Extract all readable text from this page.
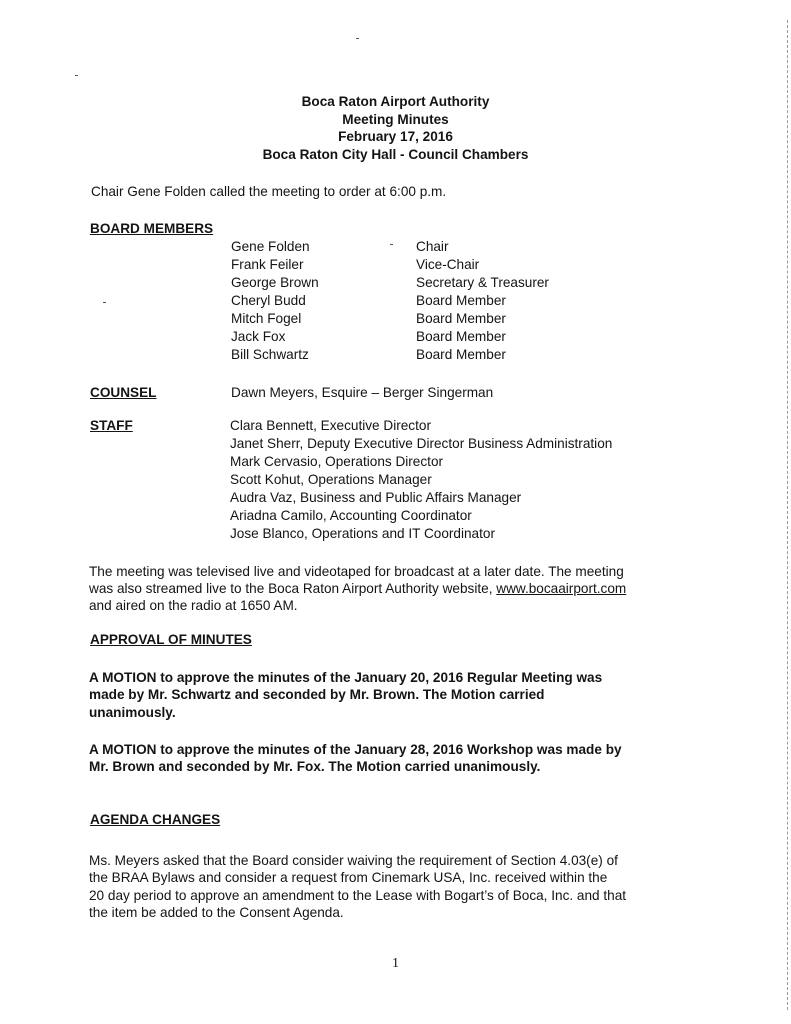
Boca Raton Airport Authority
Meeting Minutes
February 17, 2016
Boca Raton City Hall - Council Chambers
Chair Gene Folden called the meeting to order at 6:00 p.m.
BOARD MEMBERS
Gene Folden	Chair
Frank Feiler	Vice-Chair
George Brown	Secretary & Treasurer
Cheryl Budd	Board Member
Mitch Fogel	Board Member
Jack Fox	Board Member
Bill Schwartz	Board Member
COUNSEL	Dawn Meyers, Esquire – Berger Singerman
STAFF	Clara Bennett, Executive Director
Janet Sherr, Deputy Executive Director Business Administration
Mark Cervasio, Operations Director
Scott Kohut, Operations Manager
Audra Vaz, Business and Public Affairs Manager
Ariadna Camilo, Accounting Coordinator
Jose Blanco, Operations and IT Coordinator
The meeting was televised live and videotaped for broadcast at a later date. The meeting
was also streamed live to the Boca Raton Airport Authority website, www.bocaairport.com
and aired on the radio at 1650 AM.
APPROVAL OF MINUTES
A MOTION to approve the minutes of the January 20, 2016 Regular Meeting was
made by Mr. Schwartz and seconded by Mr. Brown. The Motion carried
unanimously.
A MOTION to approve the minutes of the January 28, 2016 Workshop was made by
Mr. Brown and seconded by Mr. Fox. The Motion carried unanimously.
AGENDA CHANGES
Ms. Meyers asked that the Board consider waiving the requirement of Section 4.03(e) of
the BRAA Bylaws and consider a request from Cinemark USA, Inc. received within the
20 day period to approve an amendment to the Lease with Bogart’s of Boca, Inc. and that
the item be added to the Consent Agenda.
1
